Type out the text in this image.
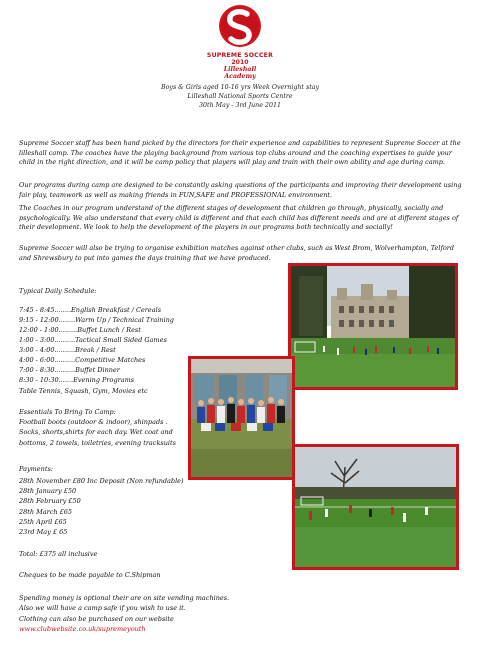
SUPREME SOCCER
2010
Lilleshall
Academy
Boys & Girls aged 10-16 yrs Week Overnight stay
Lilleshall National Sports Centre
30th May - 3rd June 2011

Supreme Soccer staff has been hand picked by the directors for their experience and capabilities to represent Supreme Soccer at the lilleshall camp. The coaches have the playing background from various top clubs around and the coaching expertises to guide your child in the right direction, and it will be camp policy that players will play and train with their own ability and age during camp.

Our programs during camp are designed to be constantly asking questions of the participants and improving their development using fair play, teamwork as well as making friends in FUN,SAFE and PROFESSIONAL environment.

The Coaches in our program understand of the different stages of development that children go through, physically, socially and psychologically. We also understand that every child is different and that each child has different needs and are at different stages of their development. We look to help the development of the players in our programs both technically and socially!

Supreme Soccer will also be trying to organise exhibition matches against other clubs, such as West Brom, Wolverhampton, Telford and Shrewsbury to put into games the days training that we have produced.

Typical Daily Schedule:
7:45 - 8:45........English Breakfast / Cereals
9:15 - 12:00........Warm Up / Technical Training
12:00 - 1:00.........Buffet Lunch / Rest
1:00 - 3:00..........Tactical Small Sided Games
3:00 - 4:00..........Break / Rest
4:00 - 6:00..........Competitive Matches
7:00 - 8:30..........Buffet Dinner
8:30 - 10:30.......Evening Programs
Table Tennis, Squash, Gym, Movies etc
Essentials To Bring To Camp:
Football boots (outdoor & indoor), shinpads .
Socks, shorts,shirts for each day. Wet coat and
bottoms, 2 towels, toiletries, evening tracksuits
Payments:
28th November £80 Inc Deposit (Non refundable)
28th January £50
28th February £50
28th March £65
25th April £65
23rd May £ 65
Total: £375 all inclusive
Cheques to be made payable to C.Shipman
Spending money is optional their are on site vending machines.
Also we will have a camp safe if you wish to use it.
Clothing can also be purchased on our website
www.clubwebsite.co.uk/supremeyouth
